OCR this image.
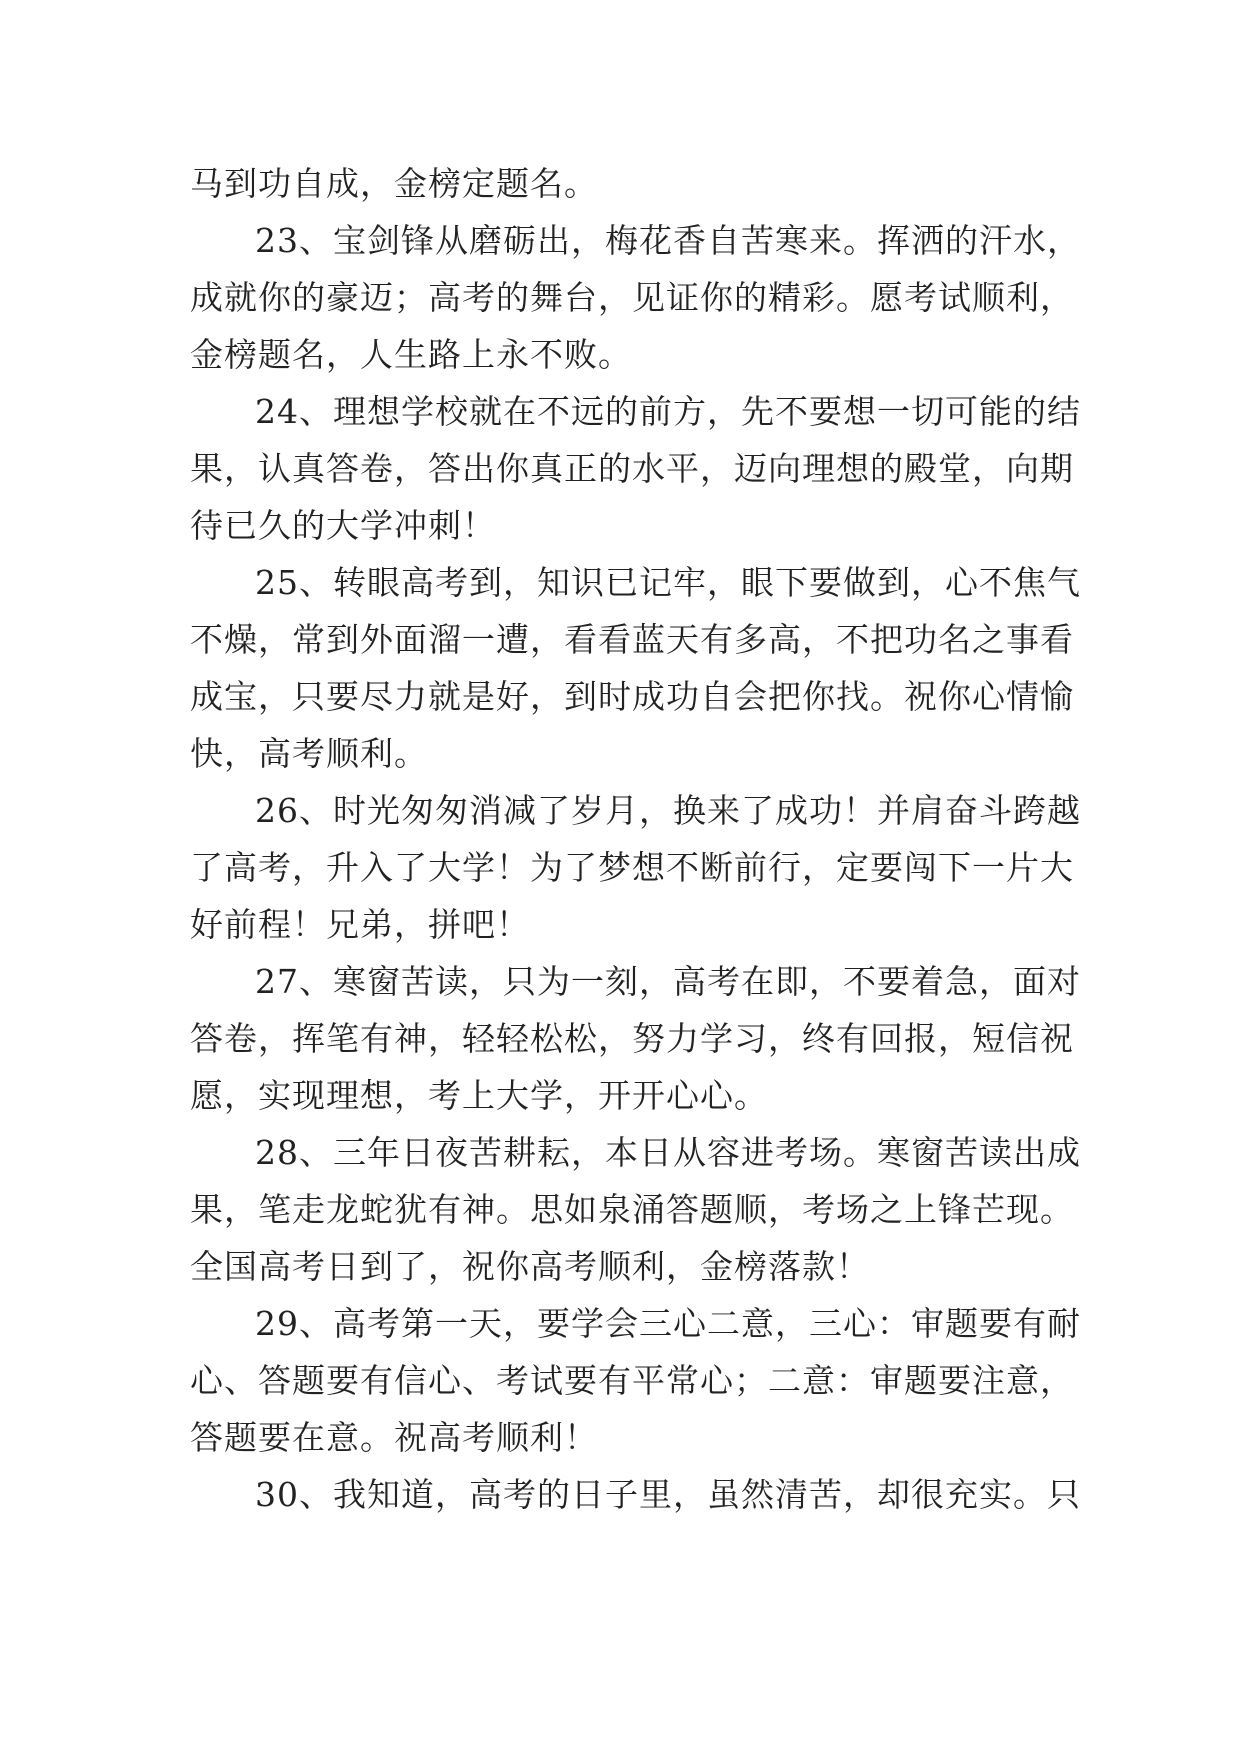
马到功自成，金榜定题名。
23、宝剑锋从磨砺出，梅花香自苦寒来。挥洒的汗水，
成就你的豪迈；高考的舞台，见证你的精彩。愿考试顺利，
金榜题名，人生路上永不败。
24、理想学校就在不远的前方，先不要想一切可能的结
果，认真答卷，答出你真正的水平，迈向理想的殿堂，向期
待已久的大学冲刺！
25、转眼高考到，知识已记牢，眼下要做到，心不焦气
不燥，常到外面溜一遭，看看蓝天有多高，不把功名之事看
成宝，只要尽力就是好，到时成功自会把你找。祝你心情愉
快，高考顺利。
26、时光匆匆消减了岁月，换来了成功！并肩奋斗跨越
了高考，升入了大学！为了梦想不断前行，定要闯下一片大
好前程！兄弟，拼吧！
27、寒窗苦读，只为一刻，高考在即，不要着急，面对
答卷，挥笔有神，轻轻松松，努力学习，终有回报，短信祝
愿，实现理想，考上大学，开开心心。
28、三年日夜苦耕耘，本日从容进考场。寒窗苦读出成
果，笔走龙蛇犹有神。思如泉涌答题顺，考场之上锋芒现。
全国高考日到了，祝你高考顺利，金榜落款！
29、高考第一天，要学会三心二意，三心：审题要有耐
心、答题要有信心、考试要有平常心；二意：审题要注意，
答题要在意。祝高考顺利！
30、我知道，高考的日子里，虽然清苦，却很充实。只
